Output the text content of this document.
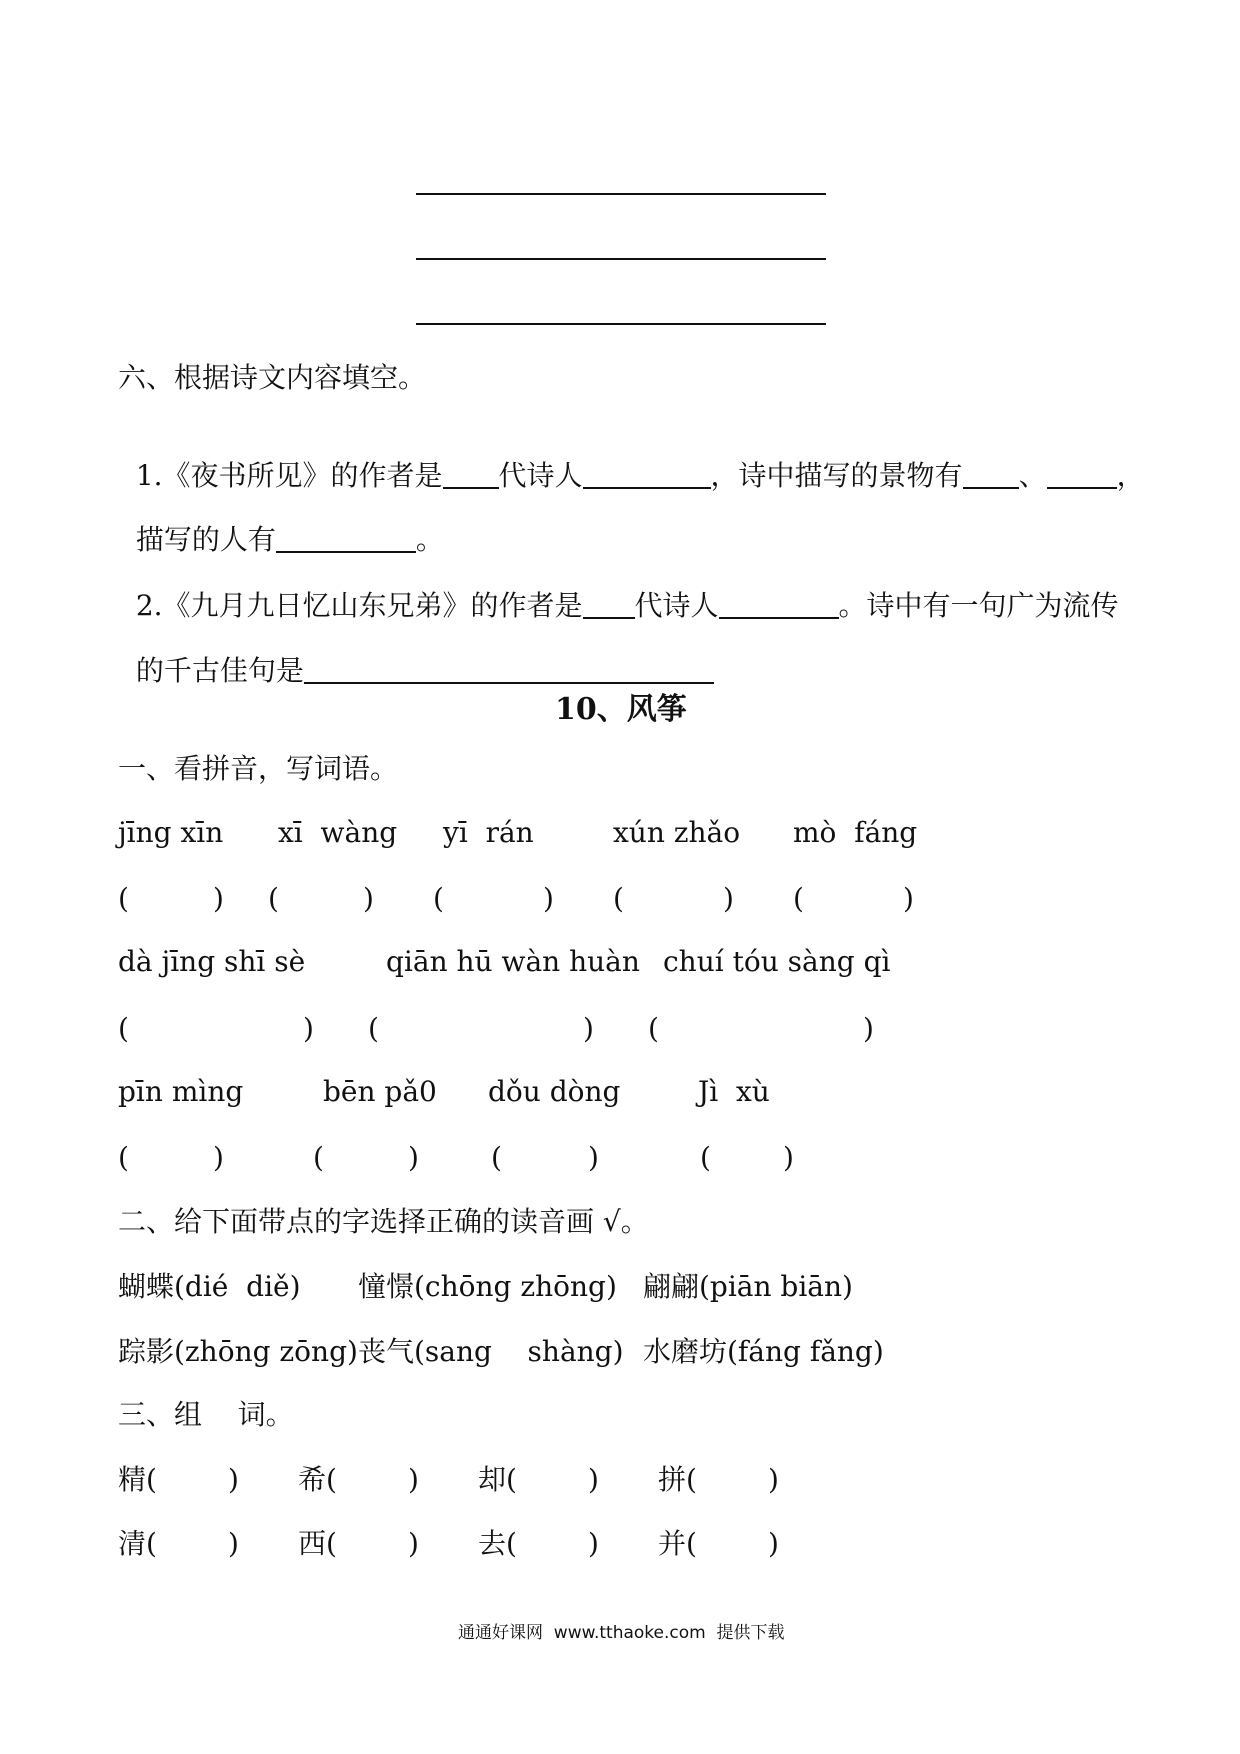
六、根据诗文内容填空。

1.《夜书所见》的作者是 代诗人	，诗中描写的景物有 、	，

描写的人有	。

2.《九月九日忆山东兄弟》的作者是 代诗人	。诗中有一句广为流传

的千古佳句是

10、风筝
一、看拼音，写词语。
jīng xīn xī  wàng yī  rán	xún zhǎo mò  fáng
(	) (	) (	) (	) (	)
dà jīng shī sè	qiān hū wàn huàn chuí tóu sàng qì
(	) (	) (	)
pīn mìng	bēn pǎ0 dǒu dòng	Jì  xù
(	)	(	)	(	)	(	)
二、给下面带点的字选择正确的读音画 √。
蝴蝶(dié  diě) 憧憬(chōng zhōng) 翩翩(piān biān)
踪影(zhōng zōng) 丧气(sang    shàng) 水磨坊(fáng fǎng)
三、组    词。
精(	) 希(	) 却(	) 拼(	)
清(	) 西(	) 去(	) 并(	)
通通好课网  www.tthaoke.com  提供下载
